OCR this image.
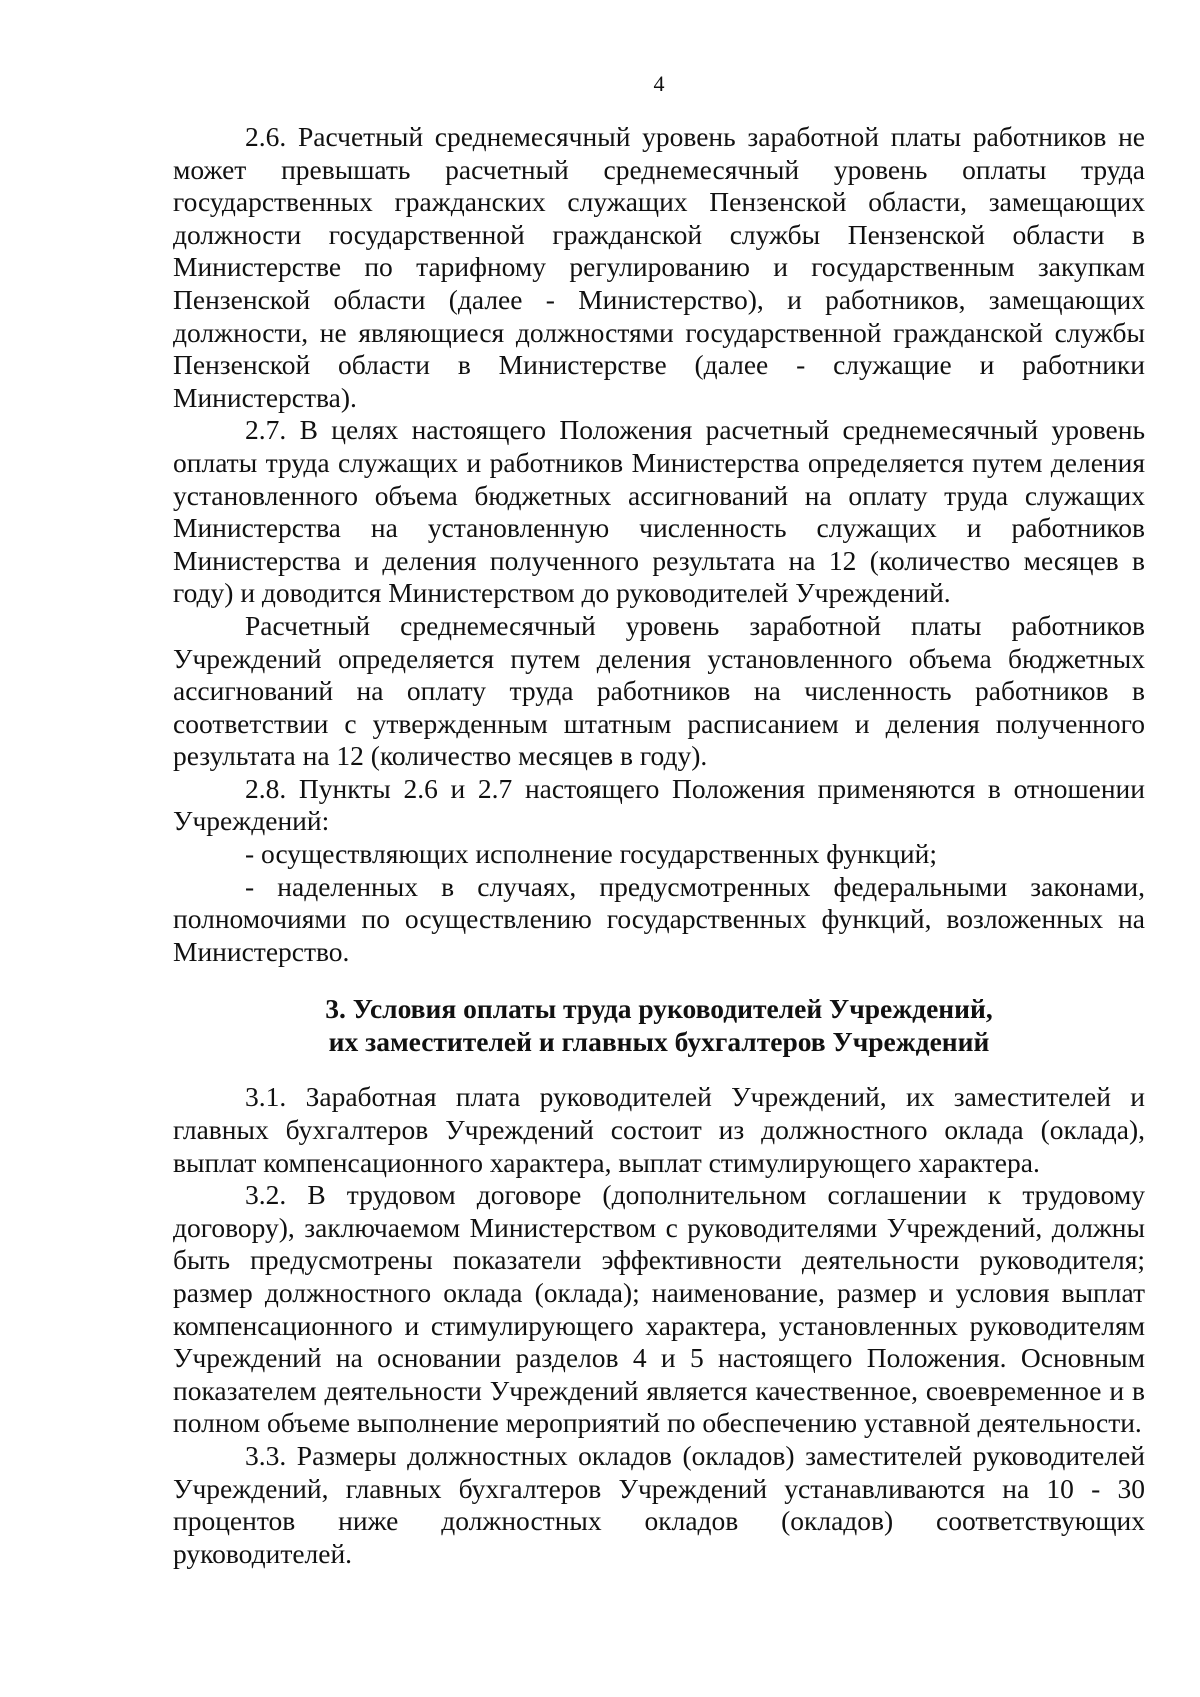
4

2.6. Расчетный среднемесячный уровень заработной платы работников не может превышать расчетный среднемесячный уровень оплаты труда государственных гражданских служащих Пензенской области, замещающих должности государственной гражданской службы Пензенской области в Министерстве по тарифному регулированию и государственным закупкам Пензенской области (далее - Министерство), и работников, замещающих должности, не являющиеся должностями государственной гражданской службы Пензенской области в Министерстве (далее - служащие и работники Министерства).

2.7. В целях настоящего Положения расчетный среднемесячный уровень оплаты труда служащих и работников Министерства определяется путем деления установленного объема бюджетных ассигнований на оплату труда служащих Министерства на установленную численность служащих и работников Министерства и деления полученного результата на 12 (количество месяцев в году) и доводится Министерством до руководителей Учреждений.

Расчетный среднемесячный уровень заработной платы работников Учреждений определяется путем деления установленного объема бюджетных ассигнований на оплату труда работников на численность работников в соответствии с утвержденным штатным расписанием и деления полученного результата на 12 (количество месяцев в году).

2.8. Пункты 2.6 и 2.7 настоящего Положения применяются в отношении Учреждений:

- осуществляющих исполнение государственных функций;

- наделенных в случаях, предусмотренных федеральными законами, полномочиями по осуществлению государственных функций, возложенных на Министерство.

3. Условия оплаты труда руководителей Учреждений,
их заместителей и главных бухгалтеров Учреждений

3.1. Заработная плата руководителей Учреждений, их заместителей и главных бухгалтеров Учреждений состоит из должностного оклада (оклада), выплат компенсационного характера, выплат стимулирующего характера.

3.2. В трудовом договоре (дополнительном соглашении к трудовому договору), заключаемом Министерством с руководителями Учреждений, должны быть предусмотрены показатели эффективности деятельности руководителя; размер должностного оклада (оклада); наименование, размер и условия выплат компенсационного и стимулирующего характера, установленных руководителям Учреждений на основании разделов 4 и 5 настоящего Положения. Основным показателем деятельности Учреждений является качественное, своевременное и в полном объеме выполнение мероприятий по обеспечению уставной деятельности.

3.3. Размеры должностных окладов (окладов) заместителей руководителей Учреждений, главных бухгалтеров Учреждений устанавливаются на 10 - 30 процентов ниже должностных окладов (окладов) соответствующих руководителей.
